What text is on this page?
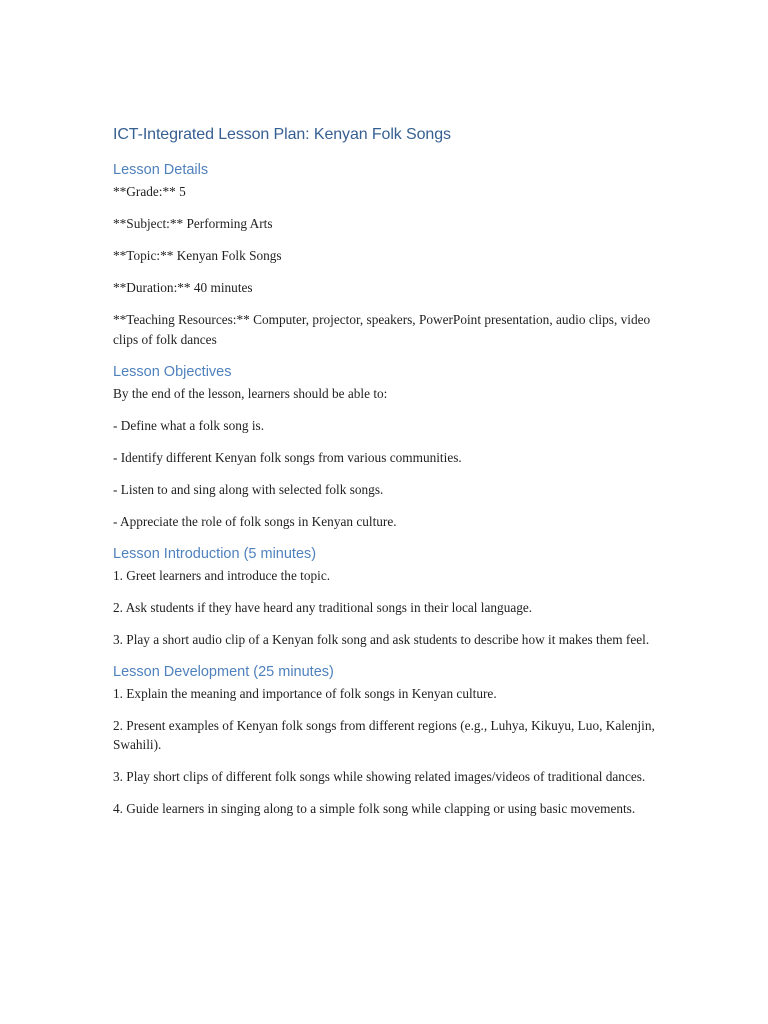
ICT-Integrated Lesson Plan: Kenyan Folk Songs
Lesson Details

**Grade:** 5

**Subject:** Performing Arts

**Topic:** Kenyan Folk Songs

**Duration:** 40 minutes

**Teaching Resources:** Computer, projector, speakers, PowerPoint presentation, audio clips, video clips of folk dances

Lesson Objectives

By the end of the lesson, learners should be able to:

- Define what a folk song is.

- Identify different Kenyan folk songs from various communities.

- Listen to and sing along with selected folk songs.

- Appreciate the role of folk songs in Kenyan culture.

Lesson Introduction (5 minutes)

1. Greet learners and introduce the topic.

2. Ask students if they have heard any traditional songs in their local language.

3. Play a short audio clip of a Kenyan folk song and ask students to describe how it makes them feel.

Lesson Development (25 minutes)

1. Explain the meaning and importance of folk songs in Kenyan culture.

2. Present examples of Kenyan folk songs from different regions (e.g., Luhya, Kikuyu, Luo, Kalenjin, Swahili).

3. Play short clips of different folk songs while showing related images/videos of traditional dances.

4. Guide learners in singing along to a simple folk song while clapping or using basic movements.
